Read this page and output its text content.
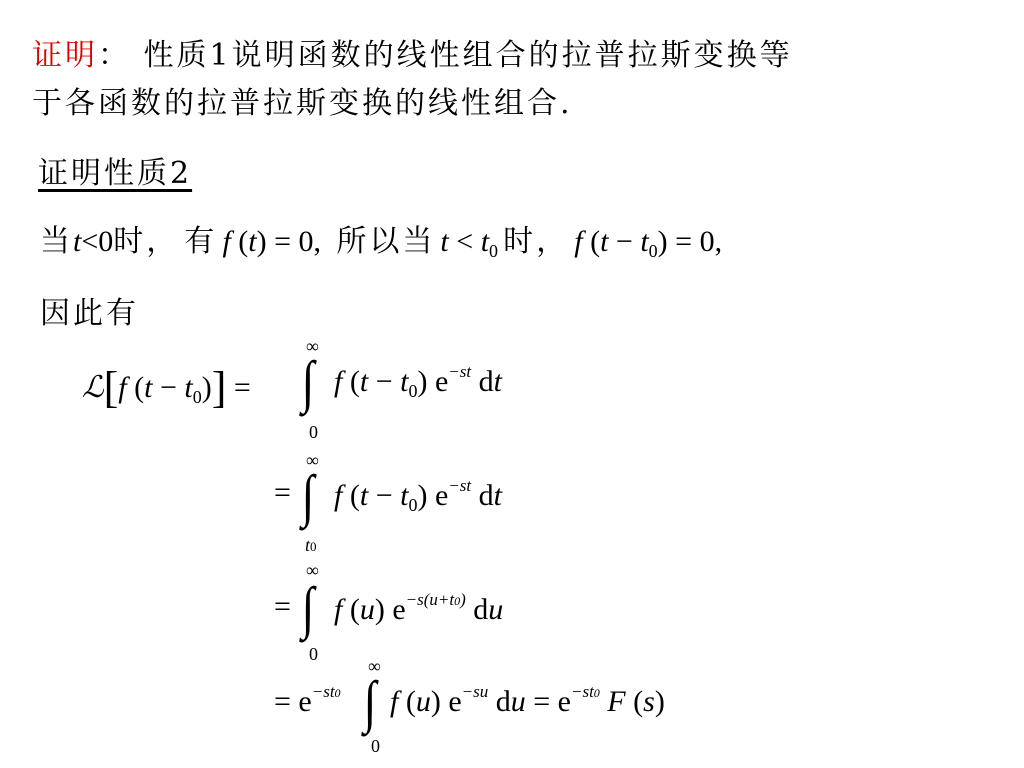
证明： 性质1说明函数的线性组合的拉普拉斯变换等
于各函数的拉普拉斯变换的线性组合.
证明性质2
当t<0时， 有 f (t) = 0, 所以当 $t < t_0$ 时， f $(t - t_0) = 0$,
因此有
ℒ[f $(t - t_0)$] =
∞
∫
0
f $(t - t_0)$ $e^{-st}$ dt
=
∞
∫
t0
f $(t - t_0)$ $e^{-st}$ dt
=
∞
∫
0
f (u) $e^{-s(u+t0)}$ du
= $e^{-st0}$
∞
∫
0
f (u) $e^{-su}$ du = $e^{-st0}$ F (s)
